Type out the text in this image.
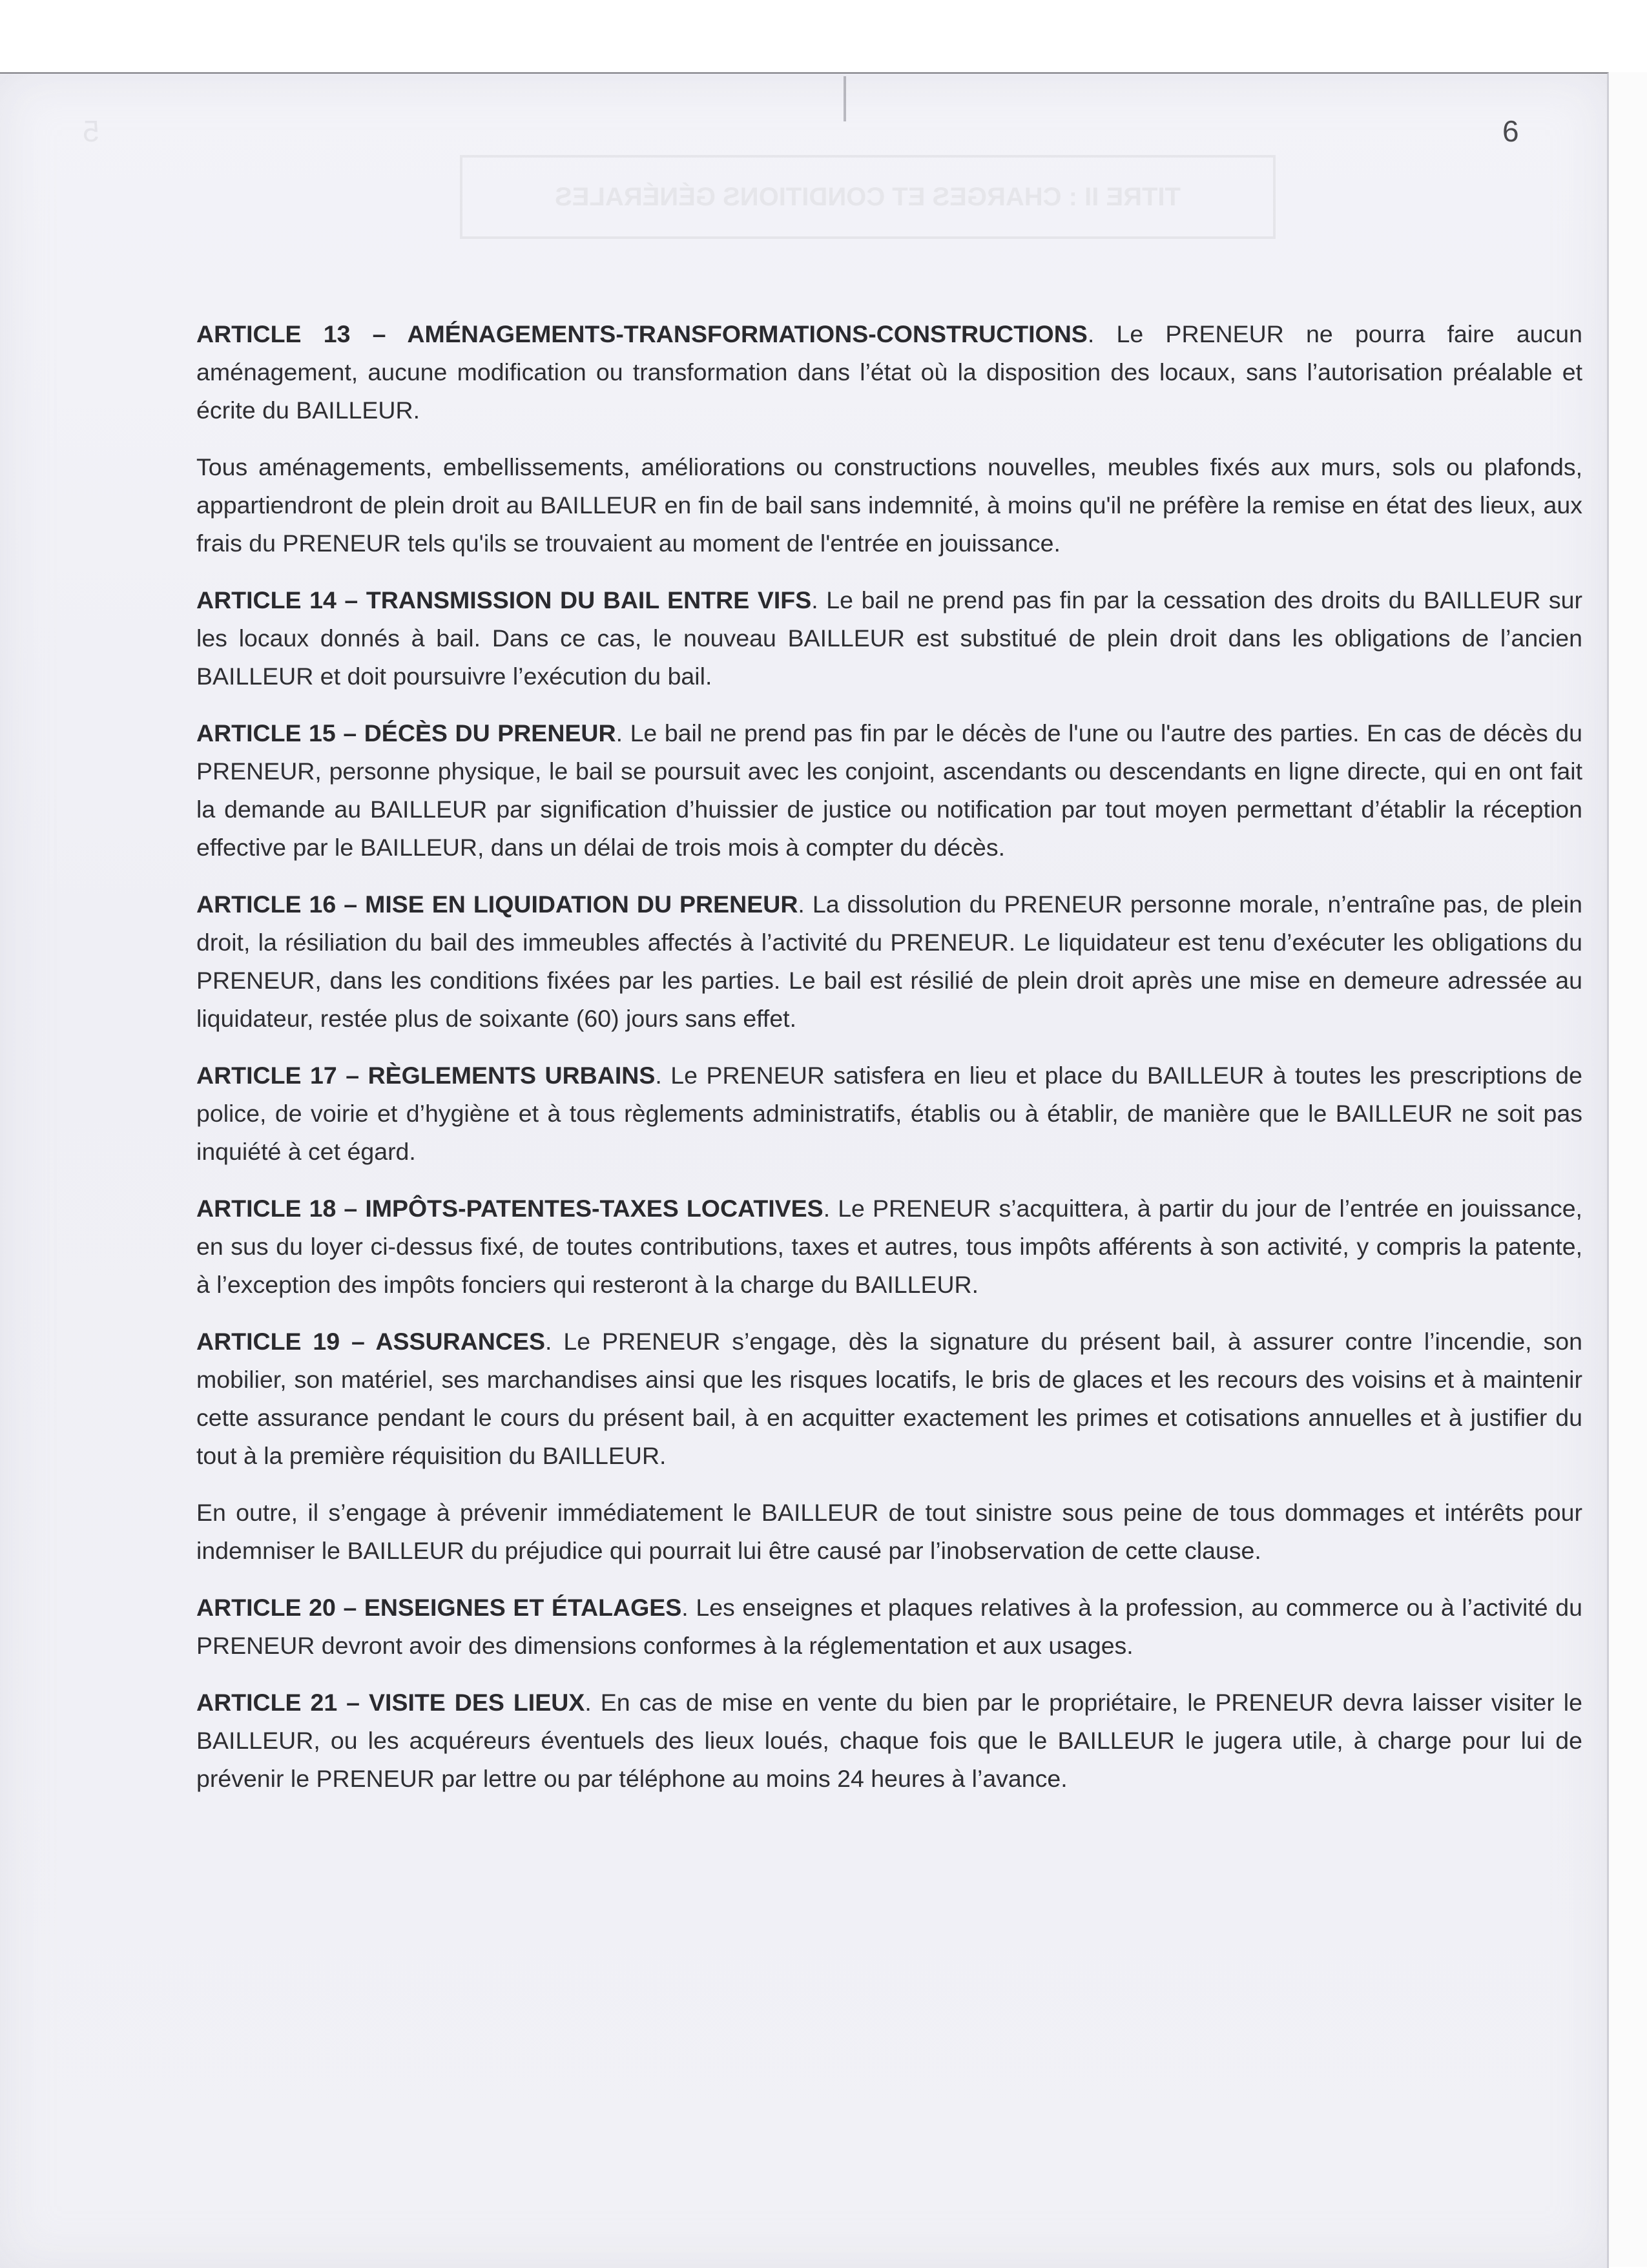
5
TITRE II : CHARGES ET CONDITIONS GÉNÉRALES
6

ARTICLE 13 – AMÉNAGEMENTS-TRANSFORMATIONS-CONSTRUCTIONS. Le PRENEUR ne pourra faire aucun aménagement, aucune modification ou transformation dans l’état où la disposition des locaux, sans l’autorisation préalable et écrite du BAILLEUR.

Tous aménagements, embellissements, améliorations ou constructions nouvelles, meubles fixés aux murs, sols ou plafonds, appartiendront de plein droit au BAILLEUR en fin de bail sans indemnité, à moins qu'il ne préfère la remise en état des lieux, aux frais du PRENEUR tels qu'ils se trouvaient au moment de l'entrée en jouissance.

ARTICLE 14 – TRANSMISSION DU BAIL ENTRE VIFS. Le bail ne prend pas fin par la cessation des droits du BAILLEUR sur les locaux donnés à bail. Dans ce cas, le nouveau BAILLEUR est substitué de plein droit dans les obligations de l’ancien BAILLEUR et doit poursuivre l’exécution du bail.

ARTICLE 15 – DÉCÈS DU PRENEUR. Le bail ne prend pas fin par le décès de l'une ou l'autre des parties. En cas de décès du PRENEUR, personne physique, le bail se poursuit avec les conjoint, ascendants ou descendants en ligne directe, qui en ont fait la demande au BAILLEUR par signification d’huissier de justice ou notification par tout moyen permettant d’établir la réception effective par le BAILLEUR, dans un délai de trois mois à compter du décès.

ARTICLE 16 – MISE EN LIQUIDATION DU PRENEUR. La dissolution du PRENEUR personne morale, n’entraîne pas, de plein droit, la résiliation du bail des immeubles affectés à l’activité du PRENEUR. Le liquidateur est tenu d’exécuter les obligations du PRENEUR, dans les conditions fixées par les parties. Le bail est résilié de plein droit après une mise en demeure adressée au liquidateur, restée plus de soixante (60) jours sans effet.

ARTICLE 17 – RÈGLEMENTS URBAINS. Le PRENEUR satisfera en lieu et place du BAILLEUR à toutes les prescriptions de police, de voirie et d’hygiène et à tous règlements administratifs, établis ou à établir, de manière que le BAILLEUR ne soit pas inquiété à cet égard.

ARTICLE 18 – IMPÔTS-PATENTES-TAXES LOCATIVES. Le PRENEUR s’acquittera, à partir du jour de l’entrée en jouissance, en sus du loyer ci-dessus fixé, de toutes contributions, taxes et autres, tous impôts afférents à son activité, y compris la patente, à l’exception des impôts fonciers qui resteront à la charge du BAILLEUR.

ARTICLE 19 – ASSURANCES. Le PRENEUR s’engage, dès la signature du présent bail, à assurer contre l’incendie, son mobilier, son matériel, ses marchandises ainsi que les risques locatifs, le bris de glaces et les recours des voisins et à maintenir cette assurance pendant le cours du présent bail, à en acquitter exactement les primes et cotisations annuelles et à justifier du tout à la première réquisition du BAILLEUR.

En outre, il s’engage à prévenir immédiatement le BAILLEUR de tout sinistre sous peine de tous dommages et intérêts pour indemniser le BAILLEUR du préjudice qui pourrait lui être causé par l’inobservation de cette clause.

ARTICLE 20 – ENSEIGNES ET ÉTALAGES. Les enseignes et plaques relatives à la profession, au commerce ou à l’activité du PRENEUR devront avoir des dimensions conformes à la réglementation et aux usages.

ARTICLE 21 – VISITE DES LIEUX. En cas de mise en vente du bien par le propriétaire, le PRENEUR devra laisser visiter le BAILLEUR, ou les acquéreurs éventuels des lieux loués, chaque fois que le BAILLEUR le jugera utile, à charge pour lui de prévenir le PRENEUR par lettre ou par téléphone au moins 24 heures à l’avance.
